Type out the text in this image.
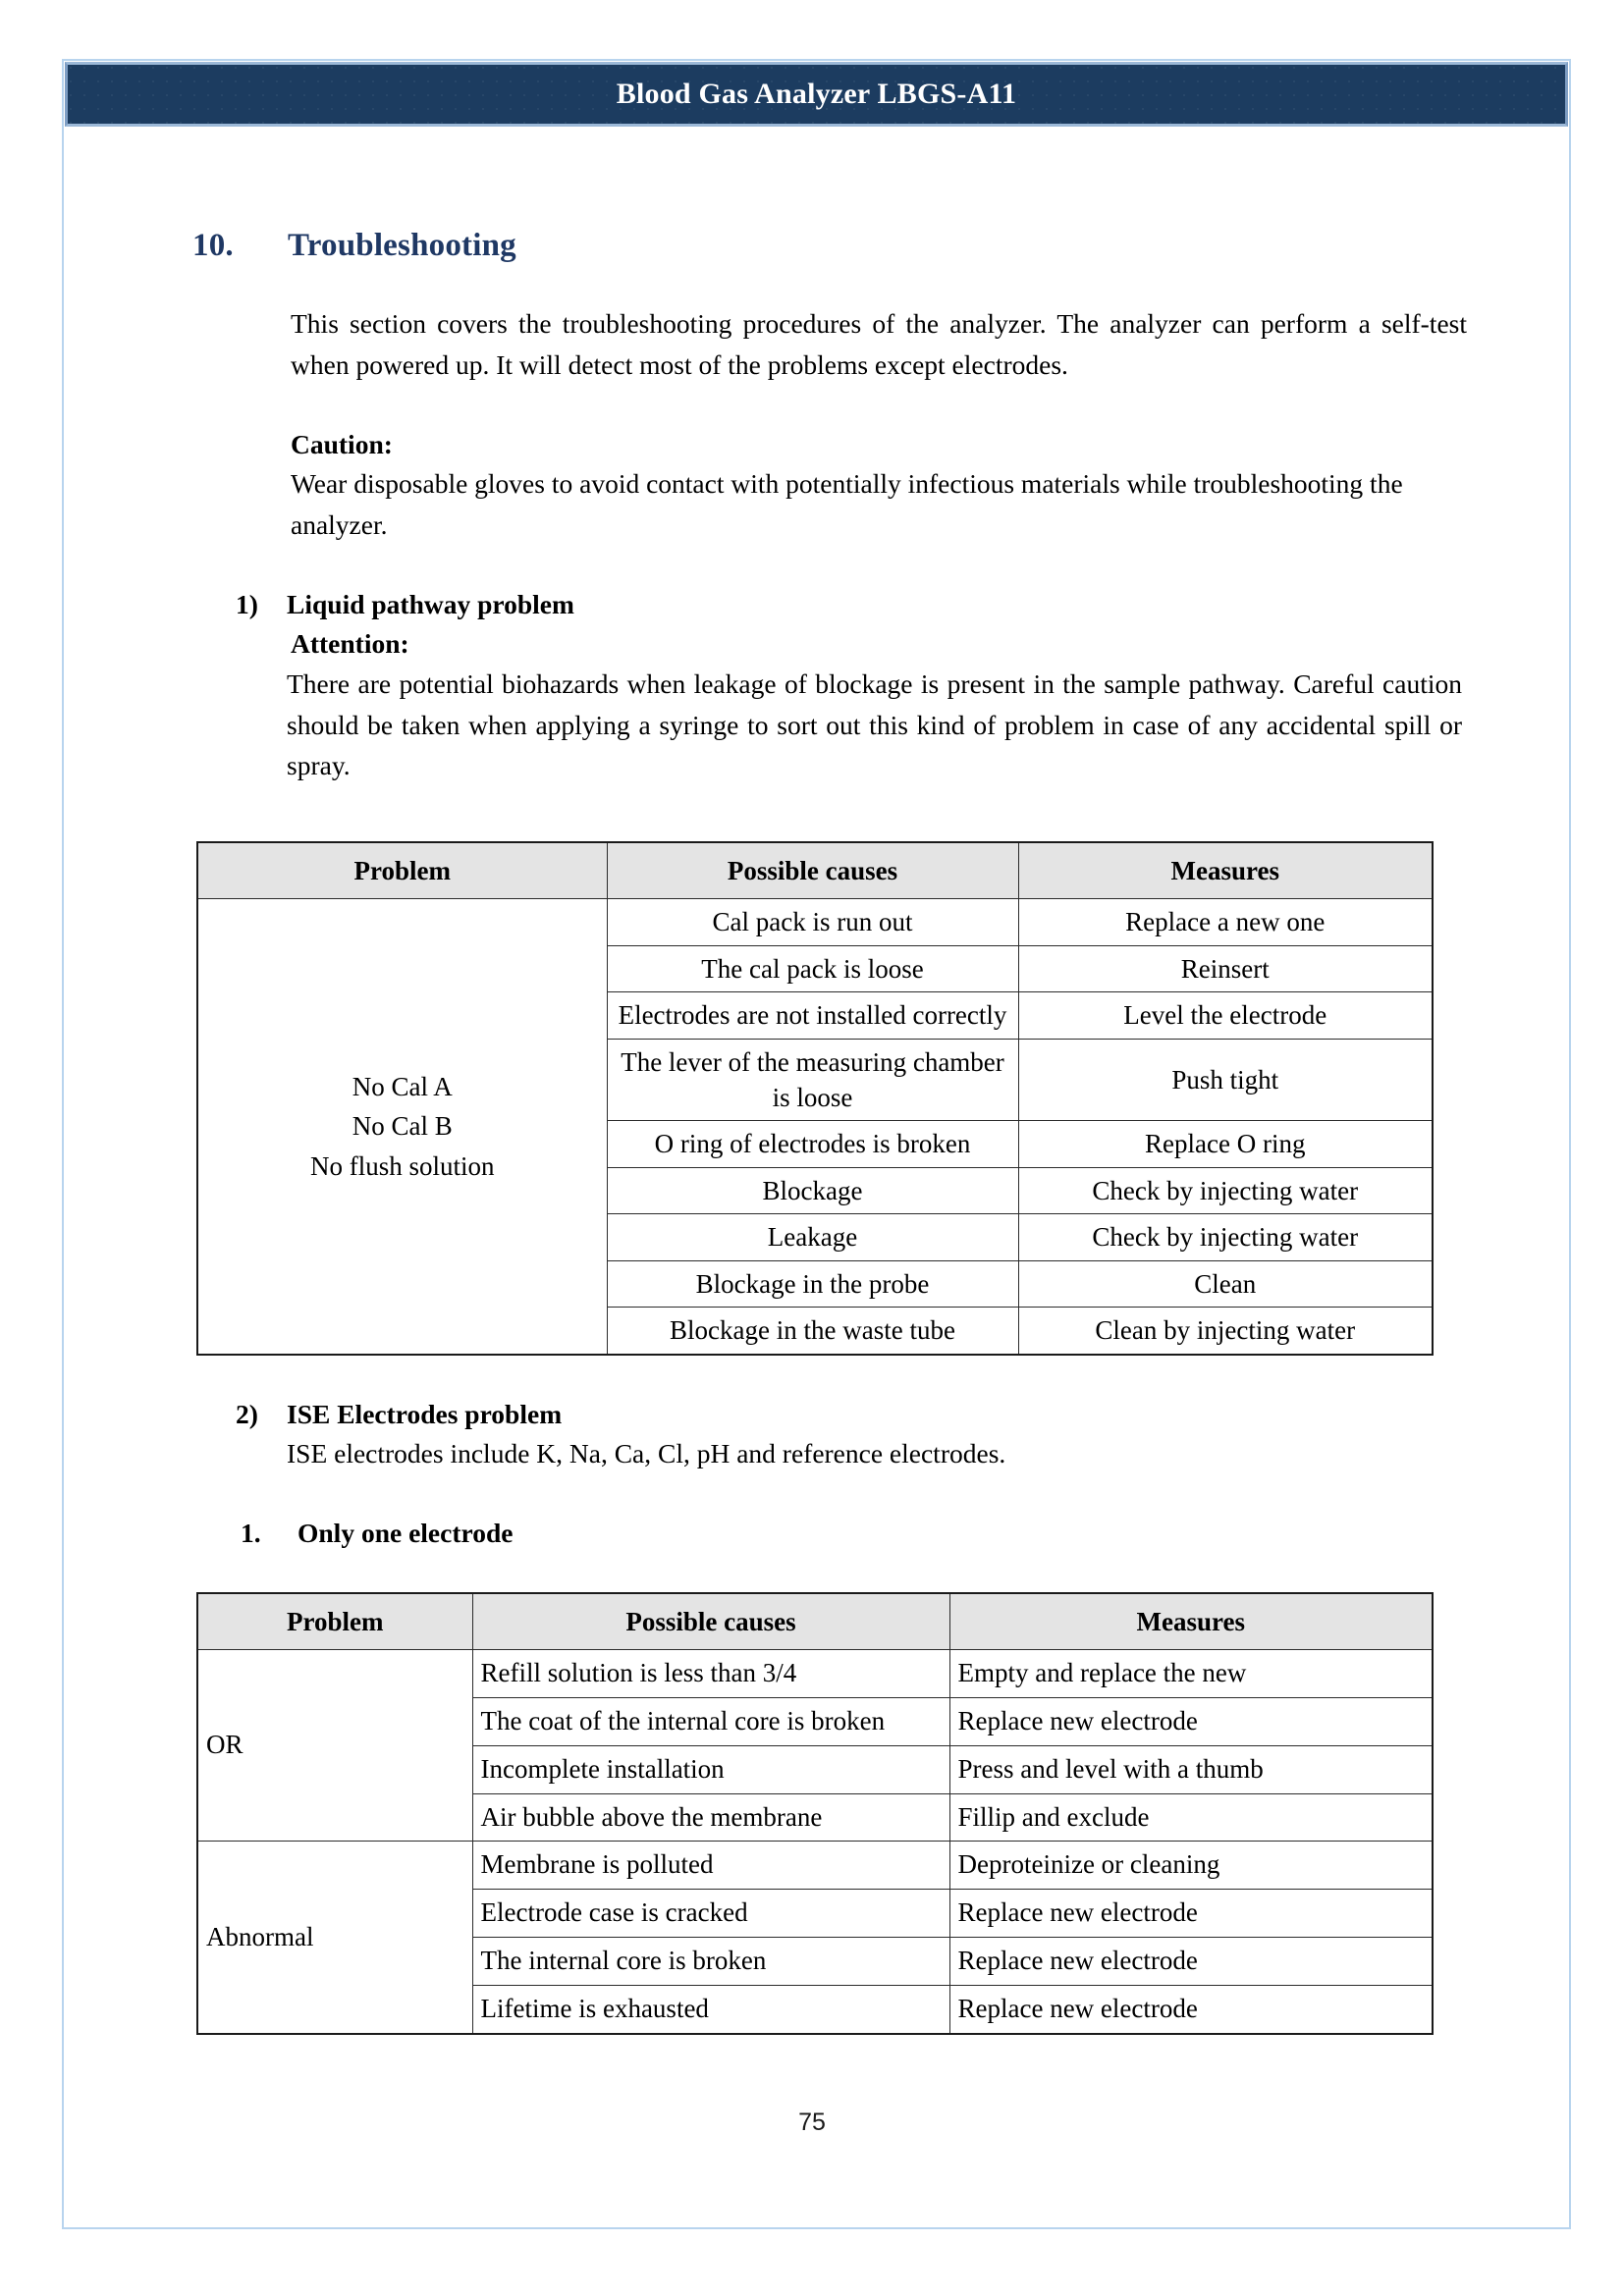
Blood Gas Analyzer LBGS-A11
10.	Troubleshooting
This section covers the troubleshooting procedures of the analyzer. The analyzer can perform a self-test when powered up. It will detect most of the problems except electrodes.
Caution:
Wear disposable gloves to avoid contact with potentially infectious materials while troubleshooting the analyzer.
1)	Liquid pathway problem
Attention:
There are potential biohazards when leakage of blockage is present in the sample pathway. Careful caution should be taken when applying a syringe to sort out this kind of problem in case of any accidental spill or spray.
Problem	Possible causes	Measures

No Cal A
No Cal B
No flush solution	Cal pack is run out	Replace a new one
	The cal pack is loose	Reinsert
	Electrodes are not installed correctly	Level the electrode
	The lever of the measuring chamber is loose	Push tight
	O ring of electrodes is broken	Replace O ring
	Blockage	Check by injecting water
	Leakage	Check by injecting water
	Blockage in the probe	Clean
	Blockage in the waste tube	Clean by injecting water
2)	ISE Electrodes problem
ISE electrodes include K, Na, Ca, Cl, pH and reference electrodes.
1.	Only one electrode
Problem	Possible causes	Measures
OR	Refill solution is less than 3/4	Empty and replace the new
	The coat of the internal core is broken	Replace new electrode
	Incomplete installation	Press and level with a thumb
	Air bubble above the membrane	Fillip and exclude
Abnormal	Membrane is polluted	Deproteinize or cleaning
	Electrode case is cracked	Replace new electrode
	The internal core is broken	Replace new electrode
	Lifetime is exhausted	Replace new electrode
75
